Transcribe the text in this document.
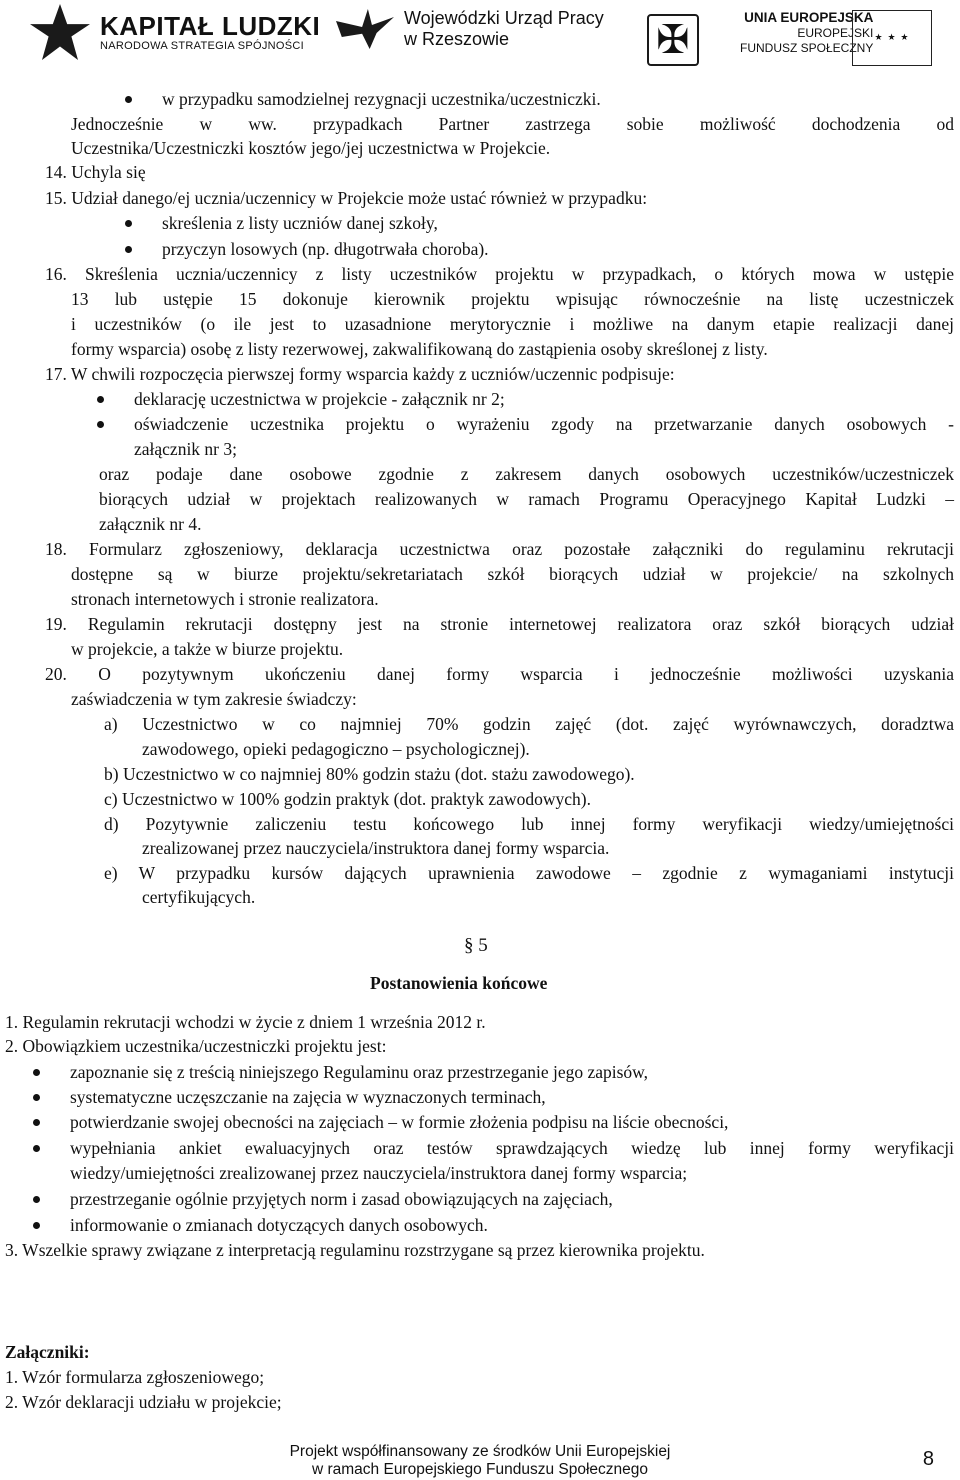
KAPITAŁ LUDZKI
NARODOWA STRATEGIA SPÓJNOŚCI
Wojewódzki Urząd Pracy
w Rzeszowie	✠	UNIA EUROPEJSKA
EUROPEJSKI
FUNDUSZ SPOŁECZNY
★ ★ ★
w przypadku samodzielnej rezygnacji uczestnika/uczestniczki.
Jednocześnie w ww. przypadkach Partner zastrzega sobie możliwość dochodzenia od
Uczestnika/Uczestniczki kosztów jego/jej uczestnictwa w Projekcie.
14. Uchyla się
15. Udział danego/ej ucznia/uczennicy w Projekcie może ustać również w przypadku:
skreślenia z listy uczniów danej szkoły,
przyczyn losowych (np. długotrwała choroba).
16. Skreślenia ucznia/uczennicy z listy uczestników projektu w przypadkach, o których mowa w ustępie
13 lub ustępie 15 dokonuje kierownik projektu wpisując równocześnie na listę uczestniczek
i uczestników (o ile jest to uzasadnione merytorycznie i możliwe na danym etapie realizacji danej
formy wsparcia) osobę z listy rezerwowej, zakwalifikowaną do zastąpienia osoby skreślonej z listy.
17. W chwili rozpoczęcia pierwszej formy wsparcia każdy z uczniów/uczennic podpisuje:
deklarację uczestnictwa w projekcie - załącznik nr 2;
oświadczenie uczestnika projektu o wyrażeniu zgody na przetwarzanie danych osobowych -
załącznik nr 3;
oraz podaje dane osobowe zgodnie z zakresem danych osobowych uczestników/uczestniczek
biorących udział w projektach realizowanych w ramach Programu Operacyjnego Kapitał Ludzki –
załącznik nr 4.
18. Formularz zgłoszeniowy, deklaracja uczestnictwa oraz pozostałe załączniki do regulaminu rekrutacji
dostępne są w biurze projektu/sekretariatach szkół biorących udział w projekcie/ na szkolnych
stronach internetowych i stronie realizatora.
19. Regulamin rekrutacji dostępny jest na stronie internetowej realizatora oraz szkół biorących udział
w projekcie, a także w biurze projektu.
20. O pozytywnym ukończeniu danej formy wsparcia i jednocześnie możliwości uzyskania
zaświadczenia w tym zakresie świadczy:
a) Uczestnictwo w co najmniej 70% godzin zajęć (dot. zajęć wyrównawczych, doradztwa
zawodowego, opieki pedagogiczno – psychologicznej).
b) Uczestnictwo w co najmniej 80% godzin stażu (dot. stażu zawodowego).
c) Uczestnictwo w 100% godzin praktyk (dot. praktyk zawodowych).
d) Pozytywnie zaliczeniu testu końcowego lub innej formy weryfikacji wiedzy/umiejętności
zrealizowanej przez nauczyciela/instruktora danej formy wsparcia.
e) W przypadku kursów dających uprawnienia zawodowe – zgodnie z wymaganiami instytucji
certyfikujących.
§ 5
Postanowienia końcowe
1. Regulamin rekrutacji wchodzi w życie z dniem 1 września 2012 r.
2. Obowiązkiem uczestnika/uczestniczki projektu jest:
zapoznanie się z treścią niniejszego Regulaminu oraz przestrzeganie jego zapisów,
systematyczne uczęszczanie na zajęcia w wyznaczonych terminach,
potwierdzanie swojej obecności na zajęciach – w formie złożenia podpisu na liście obecności,
wypełniania ankiet ewaluacyjnych oraz testów sprawdzających wiedzę lub innej formy weryfikacji
wiedzy/umiejętności zrealizowanej przez nauczyciela/instruktora danej formy wsparcia;
przestrzeganie ogólnie przyjętych norm i zasad obowiązujących na zajęciach,
informowanie o zmianach dotyczących danych osobowych.
3. Wszelkie sprawy związane z interpretacją regulaminu rozstrzygane są przez kierownika projektu.
Załączniki:
1. Wzór formularza zgłoszeniowego;
2. Wzór deklaracji udziału w projekcie;
Projekt współfinansowany ze środków Unii Europejskiej
w ramach Europejskiego Funduszu Społecznego	8
